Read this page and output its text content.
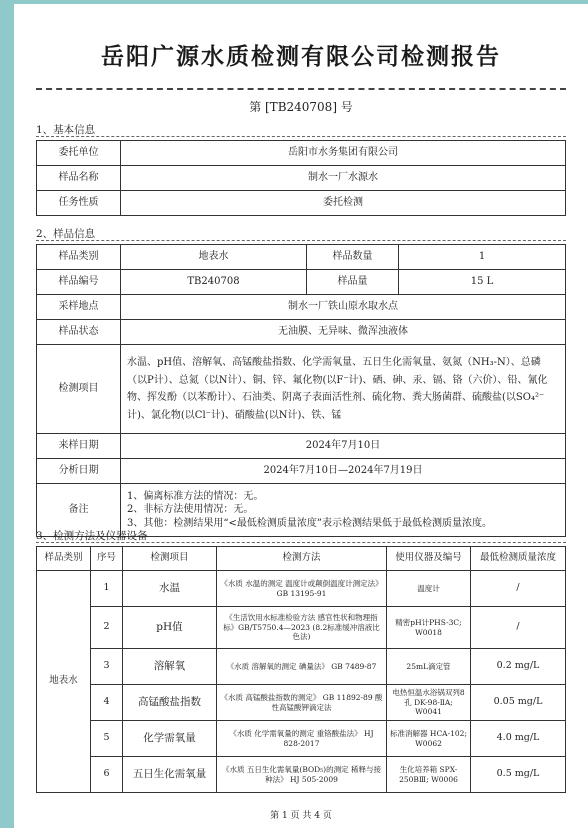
岳阳广源水质检测有限公司检测报告
第 [TB240708] 号
1、基本信息
委托单位	岳阳市水务集团有限公司
样品名称	制水一厂水源水
任务性质	委托检测
2、样品信息
样品类别	地表水	样品数量	1
样品编号	TB240708	样品量	15 L
采样地点	制水一厂铁山原水取水点		
样品状态	无油膜、无异味、微浑浊液体		
检测项目	水温、pH值、溶解氧、高锰酸盐指数、化学需氧量、五日生化需氧量、氨氮（NH₃-N）、总磷（以P计）、总氮（以N计）、铜、锌、氟化物(以F⁻计)、硒、砷、汞、镉、铬（六价）、铅、氰化物、挥发酚（以苯酚计）、石油类、阴离子表面活性剂、硫化物、粪大肠菌群、硫酸盐(以SO₄²⁻计)、氯化物(以Cl⁻计)、硝酸盐(以N计)、铁、锰		
来样日期	2024年7月10日		
分析日期	2024年7月10日—2024年7月19日		
备注	1、偏离标准方法的情况：无。
2、非标方法使用情况：无。
3、其他：检测结果用“<最低检测质量浓度”表示检测结果低于最低检测质量浓度。		
3、检测方法及仪器设备
样品类别	序号	检测项目	检测方法	使用仪器及编号	最低检测质量浓度
地表水	1	水温	《水质 水温的测定 温度计或颠倒温度计测定法》 GB 13195-91	温度计	/
	2	pH值	《生活饮用水标准检验方法 感官性状和物理指标》GB/T5750.4—2023 (8.2标准缓冲溶液比色法)	精密pH计PHS-3C; W0018	/
	3	溶解氧	《水质 溶解氧的测定 碘量法》 GB 7489-87	25mL滴定管	0.2 mg/L
	4	高锰酸盐指数	《水质 高锰酸盐指数的测定》 GB 11892-89 酸性高锰酸钾滴定法	电热恒温水浴锅双列8孔 DK-98-ⅡA; W0041	0.05 mg/L
	5	化学需氧量	《水质 化学需氧量的测定 重铬酸盐法》 HJ 828-2017	标准消解器 HCA-102; W0062	4.0 mg/L
	6	五日生化需氧量	《水质 五日生化需氧量(BOD₅)的测定 稀释与接种法》 HJ 505-2009	生化培养箱 SPX-250BⅢ; W0006	0.5 mg/L
第 1 页 共 4 页
